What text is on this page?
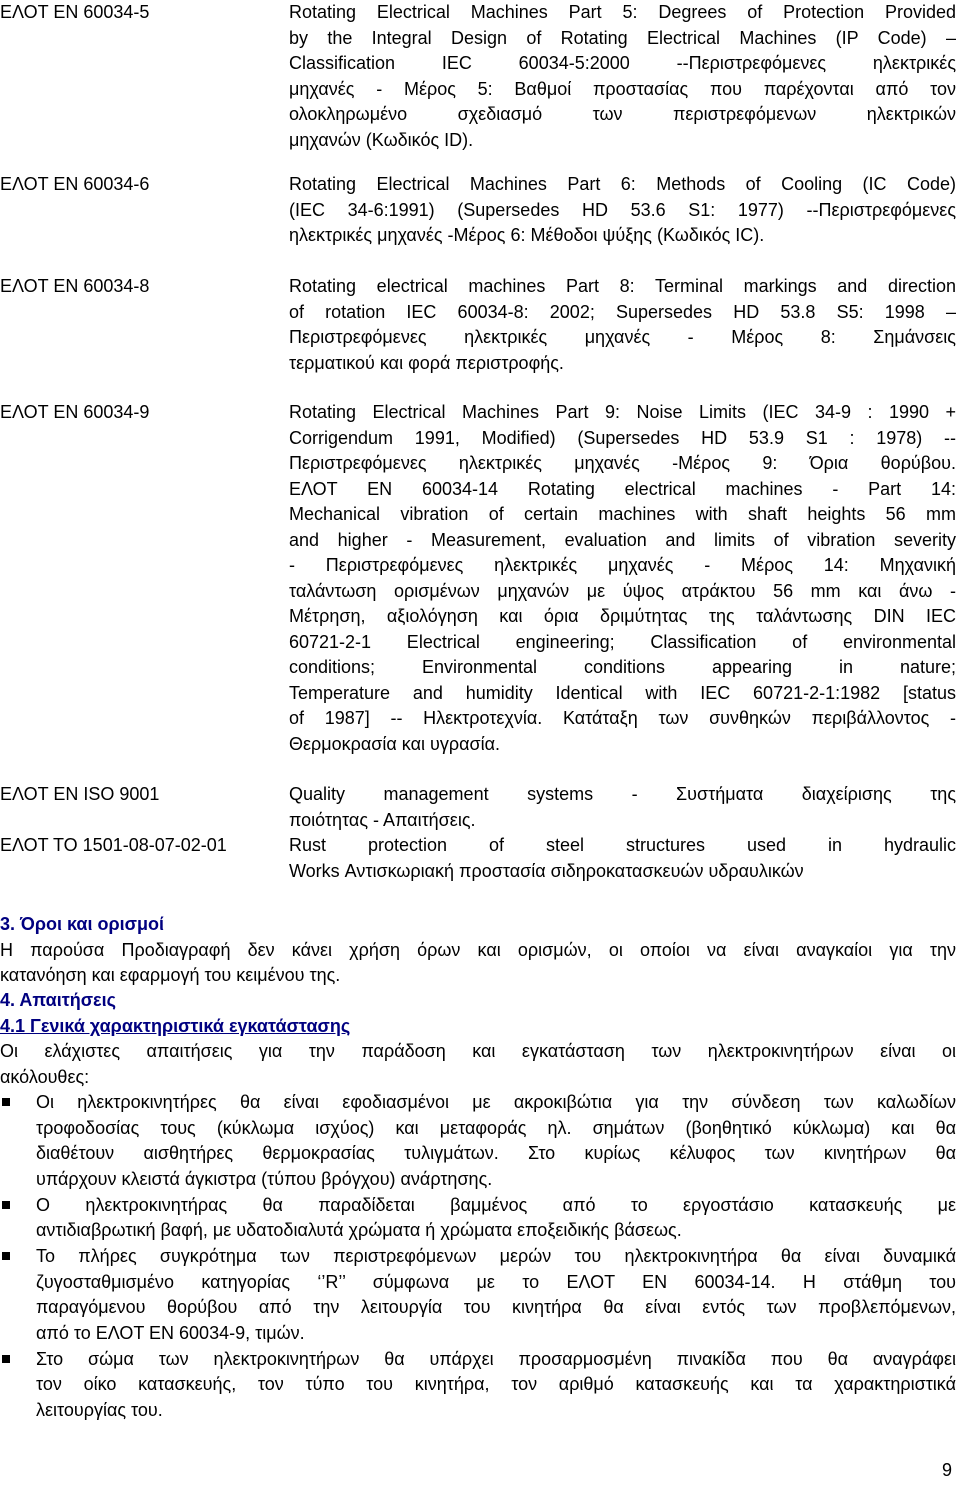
ΕΛΟΤ EN 60034-5	Rotating Electrical Machines Part 5: Degrees of Protection Provided
by the Integral Design of Rotating Electrical Machines (IP Code) –
Classification IEC 60034-5:2000 --Περιστρεφόμενες ηλεκτρικές
μηχανές - Μέρος 5: Βαθμοί προστασίας που παρέχονται από τον
ολοκληρωμένο σχεδιασμό των περιστρεφόμενων ηλεκτρικών
μηχανών (Κωδικός ID).
ΕΛΟΤ EN 60034-6	Rotating Electrical Machines Part 6: Methods of Cooling (IC Code)
(IEC 34-6:1991) (Supersedes HD 53.6 S1: 1977) --Περιστρεφόμενες
ηλεκτρικές μηχανές -Μέρος 6: Μέθοδοι ψύξης (Κωδικός IC).
ΕΛΟΤ EN 60034-8	Rotating electrical machines Part 8: Terminal markings and direction
of rotation IEC 60034-8: 2002; Supersedes HD 53.8 S5: 1998 –
Περιστρεφόμενες ηλεκτρικές μηχανές - Μέρος 8: Σημάνσεις
τερματικού και φορά περιστροφής.
ΕΛΟΤ EN 60034-9	Rotating Electrical Machines Part 9: Noise Limits (IEC 34-9 : 1990 +
Corrigendum 1991, Modified) (Supersedes HD 53.9 S1 : 1978) --
Περιστρεφόμενες ηλεκτρικές μηχανές -Μέρος 9: Όρια θορύβου.
ΕΛΟΤ EN 60034-14 Rotating electrical machines - Part 14:
Mechanical vibration of certain machines with shaft heights 56 mm
and higher - Measurement, evaluation and limits of vibration severity
- Περιστρεφόμενες ηλεκτρικές μηχανές - Μέρος 14: Μηχανική
ταλάντωση ορισμένων μηχανών με ύψος ατράκτου 56 mm και άνω -
Μέτρηση, αξιολόγηση και όρια δριμύτητας της ταλάντωσης DIN IEC
60721-2-1 Electrical engineering; Classification of environmental
conditions; Environmental conditions appearing in nature;
Temperature and humidity Identical with IEC 60721-2-1:1982 [status
of 1987] -- Ηλεκτροτεχνία. Κατάταξη των συνθηκών περιβάλλοντος -
Θερμοκρασία και υγρασία.
ΕΛΟΤ EN ISO 9001	Quality management systems - Συστήματα διαχείρισης της
ποιότητας - Απαιτήσεις.
ΕΛΟΤ ΤΟ 1501-08-07-02-01	Rust protection of steel structures used in hydraulic
Works Αντισκωριακή προστασία σιδηροκατασκευών υδραυλικών
3. Όροι και ορισμοί
Η παρούσα Προδιαγραφή δεν κάνει χρήση όρων και ορισμών, οι οποίοι να είναι αναγκαίοι για την
κατανόηση και εφαρμογή του κειμένου της.
4. Απαιτήσεις
4.1 Γενικά χαρακτηριστικά εγκατάστασης
Οι ελάχιστες απαιτήσεις για την παράδοση και εγκατάσταση των ηλεκτροκινητήρων είναι οι
ακόλουθες:
Οι ηλεκτροκινητήρες θα είναι εφοδιασμένοι με ακροκιβώτια για την σύνδεση των καλωδίων
τροφοδοσίας τους (κύκλωμα ισχύος) και μεταφοράς ηλ. σημάτων (βοηθητικό κύκλωμα) και θα
διαθέτουν αισθητήρες θερμοκρασίας τυλιγμάτων. Στο κυρίως κέλυφος των κινητήρων θα
υπάρχουν κλειστά άγκιστρα (τύπου βρόγχου) ανάρτησης.
Ο ηλεκτροκινητήρας θα παραδίδεται βαμμένος από το εργοστάσιο κατασκευής με
αντιδιαβρωτική βαφή, με υδατοδιαλυτά χρώματα ή χρώματα εποξειδικής βάσεως.
Το πλήρες συγκρότημα των περιστρεφόμενων μερών του ηλεκτροκινητήρα θα είναι δυναμικά
ζυγοσταθμισμένο κατηγορίας ‘’R’’ σύμφωνα με το ΕΛΟΤ ΕΝ 60034-14. Η στάθμη του
παραγόμενου θορύβου από την λειτουργία του κινητήρα θα είναι εντός των προβλεπόμενων,
από το ΕΛΟΤ ΕΝ 60034-9, τιμών.
Στο σώμα των ηλεκτροκινητήρων θα υπάρχει προσαρμοσμένη πινακίδα που θα αναγράφει
τον οίκο κατασκευής, τον τύπο του κινητήρα, τον αριθμό κατασκευής και τα χαρακτηριστικά
λειτουργίας του.
9
